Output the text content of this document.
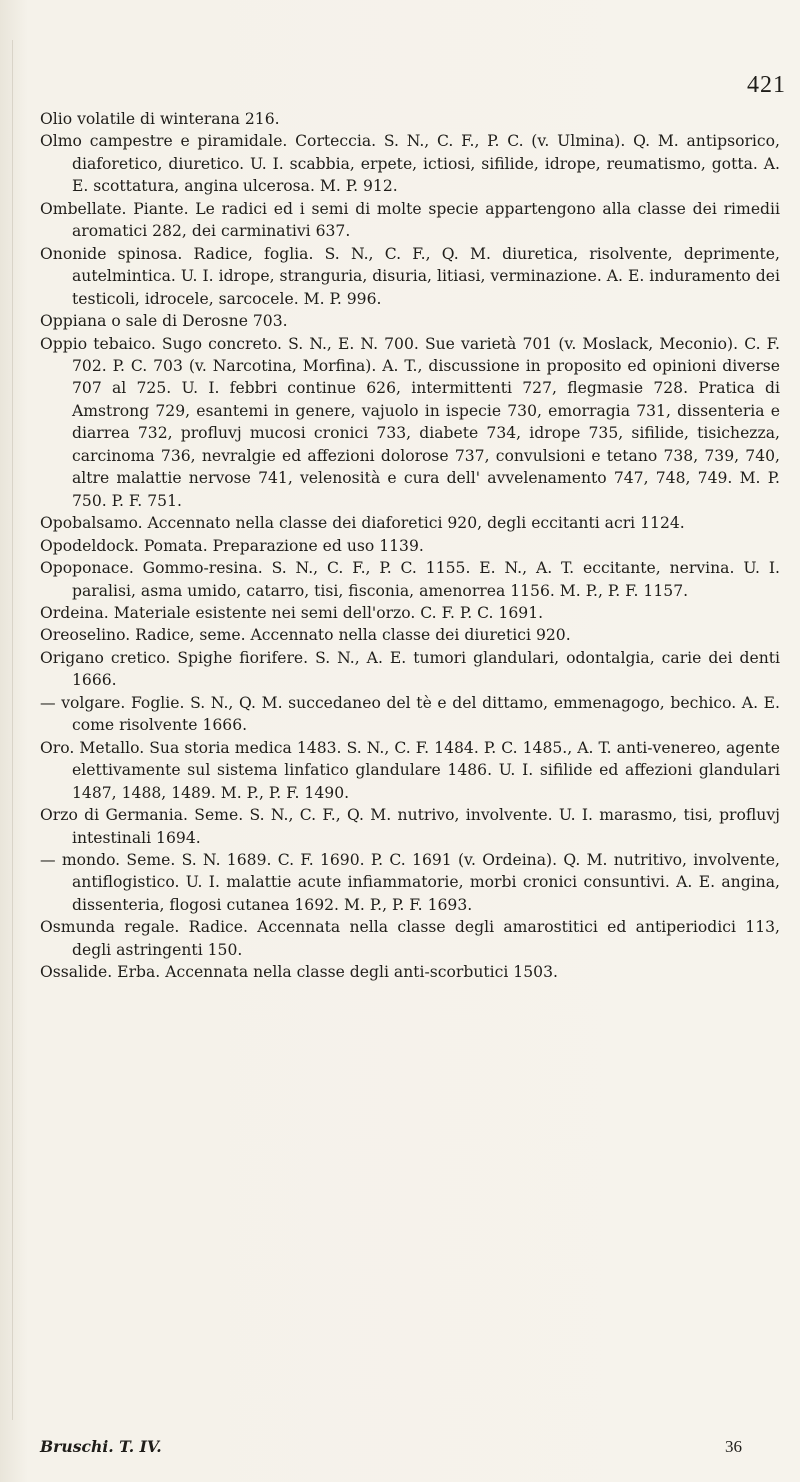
421

Olio volatile di winterana 216.

Olmo campestre e piramidale. Corteccia. S. N., C. F., P. C. (v. Ulmina). Q. M. antipsorico, diaforetico, diuretico. U. I. scabbia, erpete, ictiosi, sifilide, idrope, reumatismo, gotta. A. E. scottatura, angina ulcerosa. M. P. 912.

Ombellate. Piante. Le radici ed i semi di molte specie appartengono alla classe dei rimedii aromatici 282, dei carminativi 637.

Ononide spinosa. Radice, foglia. S. N., C. F., Q. M. diuretica, risolvente, deprimente, autelmintica. U. I. idrope, stranguria, disuria, litiasi, verminazione. A. E. induramento dei testicoli, idrocele, sarcocele. M. P. 996.

Oppiana o sale di Derosne 703.

Oppio tebaico. Sugo concreto. S. N., E. N. 700. Sue varietà 701 (v. Moslack, Meconio). C. F. 702. P. C. 703 (v. Narcotina, Morfina). A. T., discussione in proposito ed opinioni diverse 707 al 725. U. I. febbri continue 626, intermittenti 727, flegmasie 728. Pratica di Amstrong 729, esantemi in genere, vajuolo in ispecie 730, emorragia 731, dissenteria e diarrea 732, profluvj mucosi cronici 733, diabete 734, idrope 735, sifilide, tisichezza, carcinoma 736, nevralgie ed affezioni dolorose 737, convulsioni e tetano 738, 739, 740, altre malattie nervose 741, velenosità e cura dell' avvelenamento 747, 748, 749. M. P. 750. P. F. 751.

Opobalsamo. Accennato nella classe dei diaforetici 920, degli eccitanti acri 1124.

Opodeldock. Pomata. Preparazione ed uso 1139.

Opoponace. Gommo-resina. S. N., C. F., P. C. 1155. E. N., A. T. eccitante, nervina. U. I. paralisi, asma umido, catarro, tisi, fisconia, amenorrea 1156. M. P., P. F. 1157.

Ordeina. Materiale esistente nei semi dell'orzo. C. F. P. C. 1691.

Oreoselino. Radice, seme. Accennato nella classe dei diuretici 920.

Origano cretico. Spighe fiorifere. S. N., A. E. tumori glandulari, odontalgia, carie dei denti 1666.

— volgare. Foglie. S. N., Q. M. succedaneo del tè e del dittamo, emmenagogo, bechico. A. E. come risolvente 1666.

Oro. Metallo. Sua storia medica 1483. S. N., C. F. 1484. P. C. 1485., A. T. anti-venereo, agente elettivamente sul sistema linfatico glandulare 1486. U. I. sifilide ed affezioni glandulari 1487, 1488, 1489. M. P., P. F. 1490.

Orzo di Germania. Seme. S. N., C. F., Q. M. nutrivo, involvente. U. I. marasmo, tisi, profluvj intestinali 1694.

— mondo. Seme. S. N. 1689. C. F. 1690. P. C. 1691 (v. Ordeina). Q. M. nutritivo, involvente, antiflogistico. U. I. malattie acute infiammatorie, morbi cronici consuntivi. A. E. angina, dissenteria, flogosi cutanea 1692. M. P., P. F. 1693.

Osmunda regale. Radice. Accennata nella classe degli amarostitici ed antiperiodici 113, degli astringenti 150.

Ossalide. Erba. Accennata nella classe degli anti-scorbutici 1503.

Bruschi. T. IV.	36
